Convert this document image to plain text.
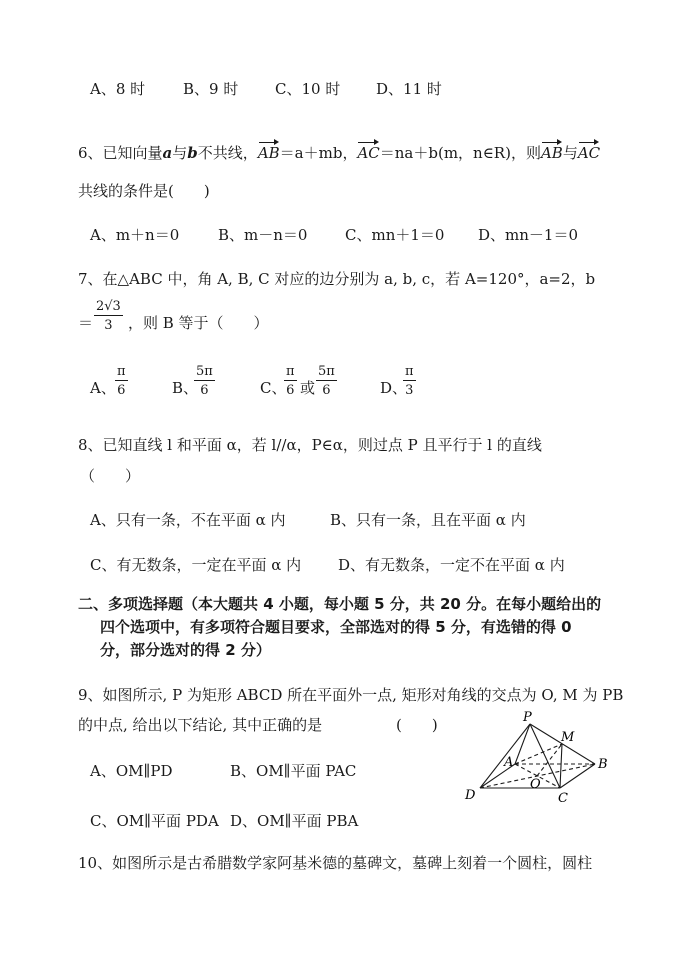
A、8 时	B、9 时 C、10 时 D、11 时
6、已知向量a与b不共线，AB＝a＋mb，AC＝na＋b(m，n∈R)，则AB与AC
共线的条件是(　　)
A、m＋n＝0	B、m－n＝0	C、mn＋1＝0 D、mn－1＝0
7、在△ABC 中，角 A, B, C 对应的边分别为 a, b, c，若 A=120°，a=2，b
＝ $\frac{2√3}{3}$ ，则 B 等于（　　）
A、 $\frac{\pi}{6}$	B、
$\frac{5\pi}{6}$	C、
$\frac{\pi}{6}$ 或 $\frac{5\pi}{6}$	D、
$\frac{\pi}{3}$
8、已知直线 l 和平面 α，若 l//α，P∈α，则过点 P 且平行于 l 的直线
（　　）
A、只有一条，不在平面 α 内	B、只有一条，且在平面 α 内
C、有无数条，一定在平面 α 内 D、有无数条，一定不在平面 α 内
二、多项选择题（本大题共 4 小题，每小题 5 分，共 20 分。在每小题给出的
四个选项中，有多项符合题目要求，全部选对的得 5 分，有选错的得 0
分，部分选对的得 2 分）
9、如图所示, P 为矩形 ABCD 所在平面外一点, 矩形对角线的交点为 O, M 为 PB
的中点, 给出以下结论, 其中正确的是	(　　)
A、OM∥PD	B、OM∥平面 PAC
C、OM∥平面 PDA D、OM∥平面 PBA
P
M
A	B
O
C
D
10、如图所示是古希腊数学家阿基米德的墓碑文，墓碑上刻着一个圆柱，圆柱
